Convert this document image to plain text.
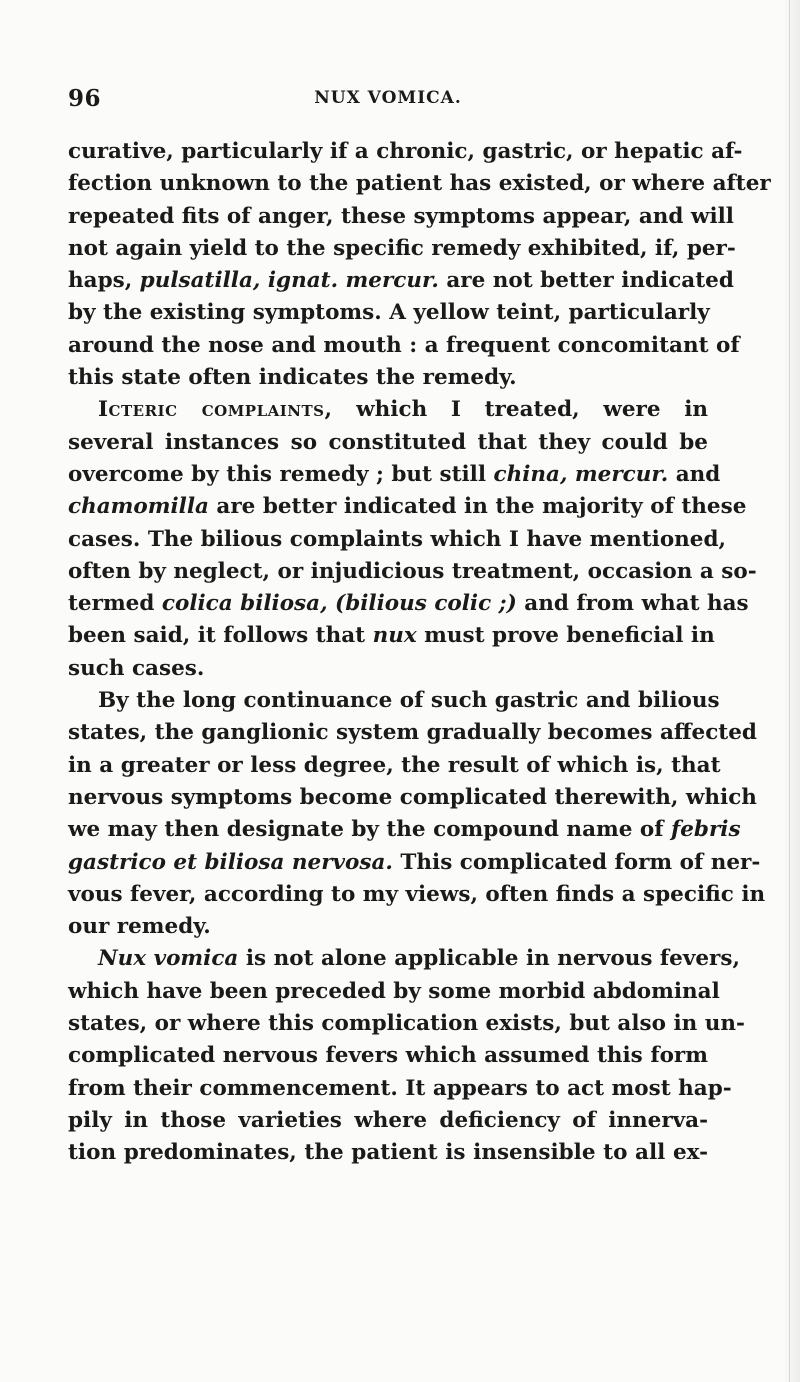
96	NUX VOMICA.
curative, particularly if a chronic, gastric, or hepatic af-
fection unknown to the patient has existed, or where after
repeated fits of anger, these symptoms appear, and will
not again yield to the specific remedy exhibited, if, per-
haps, pulsatilla, ignat. mercur. are not better indicated
by the existing symptoms. A yellow teint, particularly
around the nose and mouth : a frequent concomitant of
this state often indicates the remedy.
Icteric complaints, which I treated, were in
several instances so constituted that they could be
overcome by this remedy ; but still china, mercur. and
chamomilla are better indicated in the majority of these
cases. The bilious complaints which I have mentioned,
often by neglect, or injudicious treatment, occasion a so-
termed colica biliosa, (bilious colic ;) and from what has
been said, it follows that nux must prove beneficial in
such cases.
By the long continuance of such gastric and bilious
states, the ganglionic system gradually becomes affected
in a greater or less degree, the result of which is, that
nervous symptoms become complicated therewith, which
we may then designate by the compound name of febris
gastrico et biliosa nervosa. This complicated form of ner-
vous fever, according to my views, often finds a specific in
our remedy.
Nux vomica is not alone applicable in nervous fevers,
which have been preceded by some morbid abdominal
states, or where this complication exists, but also in un-
complicated nervous fevers which assumed this form
from their commencement. It appears to act most hap-
pily in those varieties where deficiency of innerva-
tion predominates, the patient is insensible to all ex-
